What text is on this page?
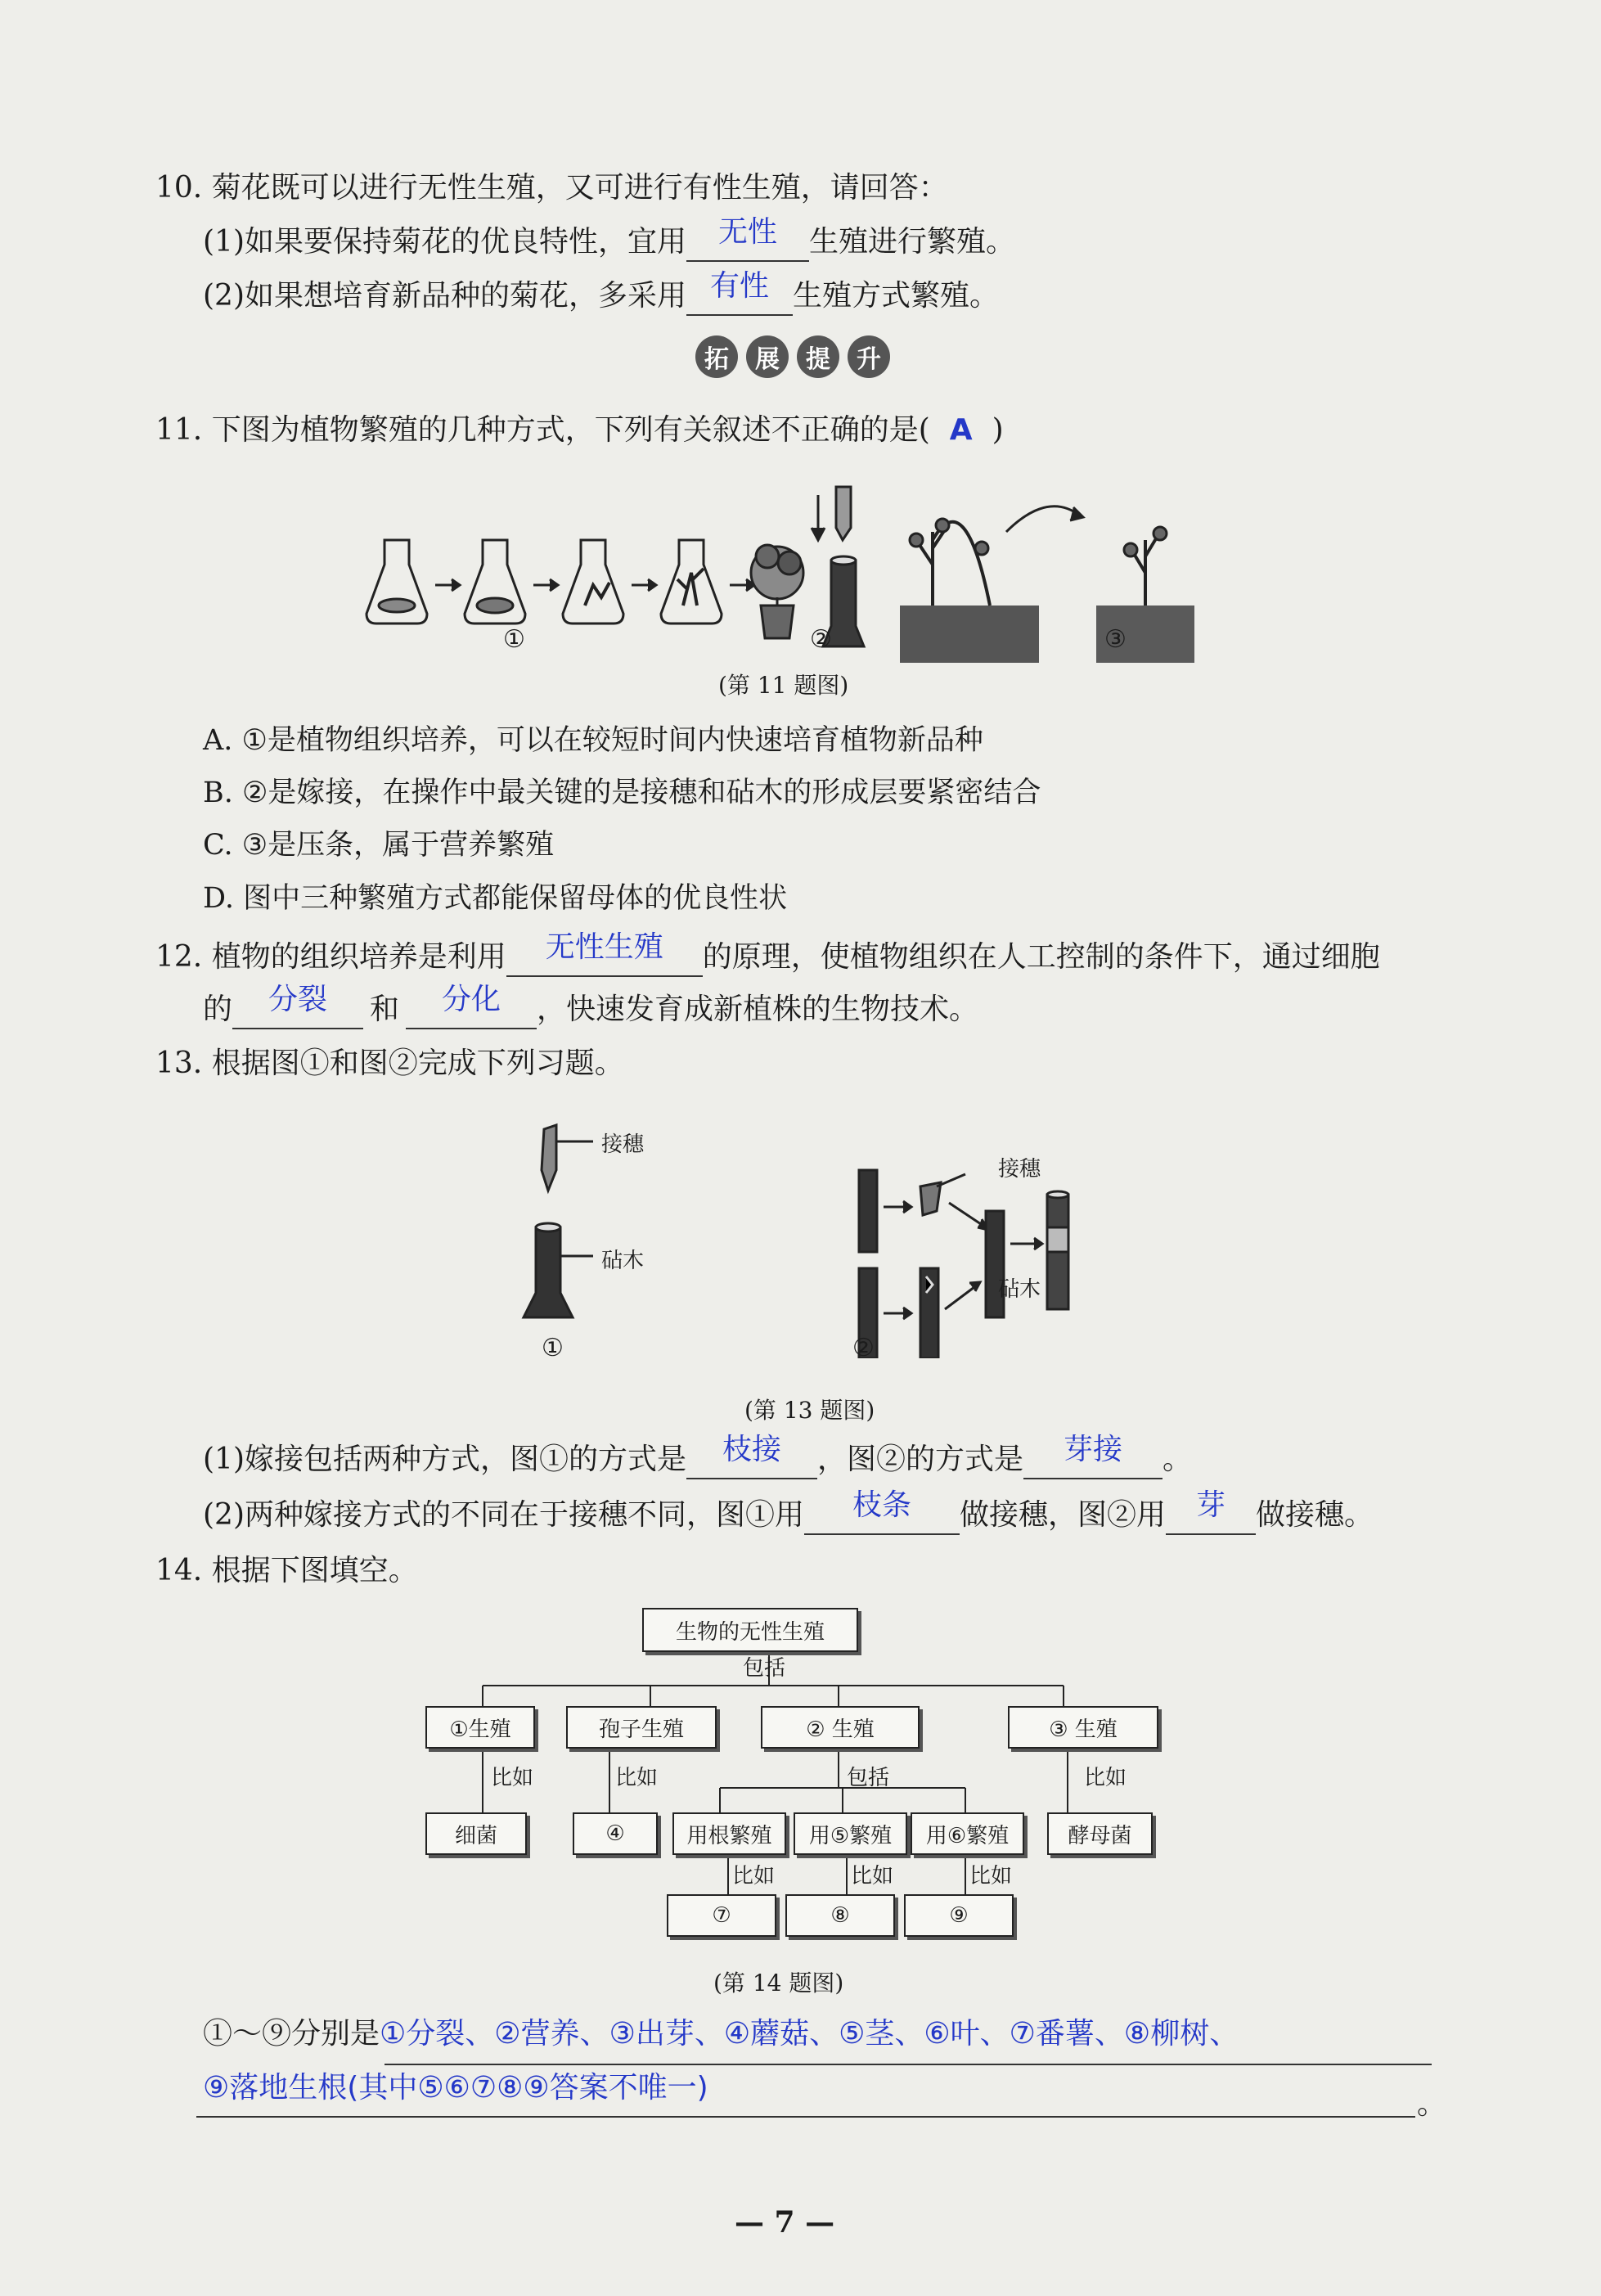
10. 菊花既可以进行无性生殖，又可进行有性生殖，请回答：
(1)如果要保持菊花的优良特性，宜用 无性 生殖进行繁殖。
(2)如果想培育新品种的菊花，多采用 有性 生殖方式繁殖。
拓	展	提	升
11. 下图为植物繁殖的几种方式，下列有关叙述不正确的是( A )
①	②	③
(第 11 题图)
A. ①是植物组织培养，可以在较短时间内快速培育植物新品种
B. ②是嫁接，在操作中最关键的是接穗和砧木的形成层要紧密结合
C. ③是压条，属于营养繁殖
D. 图中三种繁殖方式都能保留母体的优良性状
12. 植物的组织培养是利用 无性生殖 的原理，使植物组织在人工控制的条件下，通过细胞
的 分裂 和 分化 ，快速发育成新植株的生物技术。
13. 根据图①和图②完成下列习题。
接穗
砧木
接穗
砧木
①	②
(第 13 题图)
(1)嫁接包括两种方式，图①的方式是 枝接 ，图②的方式是 芽接 。
(2)两种嫁接方式的不同在于接穗不同，图①用 枝条 做接穗，图②用 芽 做接穗。
14. 根据下图填空。
生物的无性生殖
包括
①生殖	孢子生殖	② 生殖	③ 生殖
比如	比如	包括	比如
细菌	④	用根繁殖	用⑤繁殖	用⑥繁殖	酵母菌
比如	比如	比如
⑦	⑧	⑨
(第 14 题图)
①～⑨分别是①分裂、②营养、③出芽、④蘑菇、⑤茎、⑥叶、⑦番薯、⑧柳树、
⑨落地生根(其中⑤⑥⑦⑧⑨答案不唯一)	。
— 7 —
